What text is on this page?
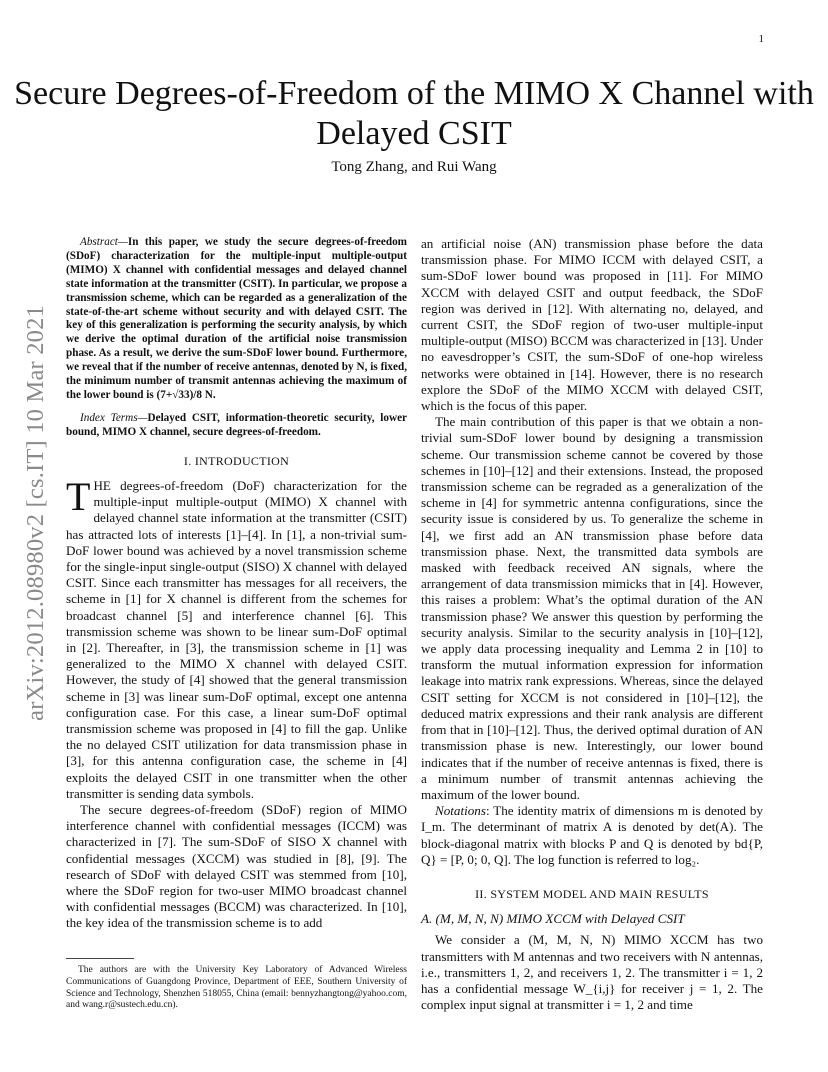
1
arXiv:2012.08980v2 [cs.IT] 10 Mar 2021
Secure Degrees-of-Freedom of the MIMO X Channel with Delayed CSIT
Tong Zhang, and Rui Wang

Abstract—In this paper, we study the secure degrees-of-freedom (SDoF) characterization for the multiple-input multiple-output (MIMO) X channel with confidential messages and delayed channel state information at the transmitter (CSIT). In particular, we propose a transmission scheme, which can be regarded as a generalization of the state-of-the-art scheme without security and with delayed CSIT. The key of this generalization is performing the security analysis, by which we derive the optimal duration of the artificial noise transmission phase. As a result, we derive the sum-SDoF lower bound. Furthermore, we reveal that if the number of receive antennas, denoted by N, is fixed, the minimum number of transmit antennas achieving the maximum of the lower bound is (7+√33)/8 N.

Index Terms—Delayed CSIT, information-theoretic security, lower bound, MIMO X channel, secure degrees-of-freedom.

I. INTRODUCTION

THE degrees-of-freedom (DoF) characterization for the multiple-input multiple-output (MIMO) X channel with delayed channel state information at the transmitter (CSIT) has attracted lots of interests [1]–[4]. In [1], a non-trivial sum-DoF lower bound was achieved by a novel transmission scheme for the single-input single-output (SISO) X channel with delayed CSIT. Since each transmitter has messages for all receivers, the scheme in [1] for X channel is different from the schemes for broadcast channel [5] and interference channel [6]. This transmission scheme was shown to be linear sum-DoF optimal in [2]. Thereafter, in [3], the transmission scheme in [1] was generalized to the MIMO X channel with delayed CSIT. However, the study of [4] showed that the general transmission scheme in [3] was linear sum-DoF optimal, except one antenna configuration case. For this case, a linear sum-DoF optimal transmission scheme was proposed in [4] to fill the gap. Unlike the no delayed CSIT utilization for data transmission phase in [3], for this antenna configuration case, the scheme in [4] exploits the delayed CSIT in one transmitter when the other transmitter is sending data symbols.

The secure degrees-of-freedom (SDoF) region of MIMO interference channel with confidential messages (ICCM) was characterized in [7]. The sum-SDoF of SISO X channel with confidential messages (XCCM) was studied in [8], [9]. The research of SDoF with delayed CSIT was stemmed from [10], where the SDoF region for two-user MIMO broadcast channel with confidential messages (BCCM) was characterized. In [10], the key idea of the transmission scheme is to add

The authors are with the University Key Laboratory of Advanced Wireless Communications of Guangdong Province, Department of EEE, Southern University of Science and Technology, Shenzhen 518055, China (email: bennyzhangtong@yahoo.com, and wang.r@sustech.edu.cn).

an artificial noise (AN) transmission phase before the data transmission phase. For MIMO ICCM with delayed CSIT, a sum-SDoF lower bound was proposed in [11]. For MIMO XCCM with delayed CSIT and output feedback, the SDoF region was derived in [12]. With alternating no, delayed, and current CSIT, the SDoF region of two-user multiple-input multiple-output (MISO) BCCM was characterized in [13]. Under no eavesdropper’s CSIT, the sum-SDoF of one-hop wireless networks were obtained in [14]. However, there is no research explore the SDoF of the MIMO XCCM with delayed CSIT, which is the focus of this paper.

The main contribution of this paper is that we obtain a non-trivial sum-SDoF lower bound by designing a transmission scheme. Our transmission scheme cannot be covered by those schemes in [10]–[12] and their extensions. Instead, the proposed transmission scheme can be regraded as a generalization of the scheme in [4] for symmetric antenna configurations, since the security issue is considered by us. To generalize the scheme in [4], we first add an AN transmission phase before data transmission phase. Next, the transmitted data symbols are masked with feedback received AN signals, where the arrangement of data transmission mimicks that in [4]. However, this raises a problem: What’s the optimal duration of the AN transmission phase? We answer this question by performing the security analysis. Similar to the security analysis in [10]–[12], we apply data processing inequality and Lemma 2 in [10] to transform the mutual information expression for information leakage into matrix rank expressions. Whereas, since the delayed CSIT setting for XCCM is not considered in [10]–[12], the deduced matrix expressions and their rank analysis are different from that in [10]–[12]. Thus, the derived optimal duration of AN transmission phase is new. Interestingly, our lower bound indicates that if the number of receive antennas is fixed, there is a minimum number of transmit antennas achieving the maximum of the lower bound.

Notations: The identity matrix of dimensions m is denoted by I_m. The determinant of matrix A is denoted by det(A). The block-diagonal matrix with blocks P and Q is denoted by bd{P, Q} = [P, 0; 0, Q]. The log function is referred to log₂.

II. SYSTEM MODEL AND MAIN RESULTS
A. (M, M, N, N) MIMO XCCM with Delayed CSIT

We consider a (M, M, N, N) MIMO XCCM has two transmitters with M antennas and two receivers with N antennas, i.e., transmitters 1, 2, and receivers 1, 2. The transmitter i = 1, 2 has a confidential message W_{i,j} for receiver j = 1, 2. The complex input signal at transmitter i = 1, 2 and time
